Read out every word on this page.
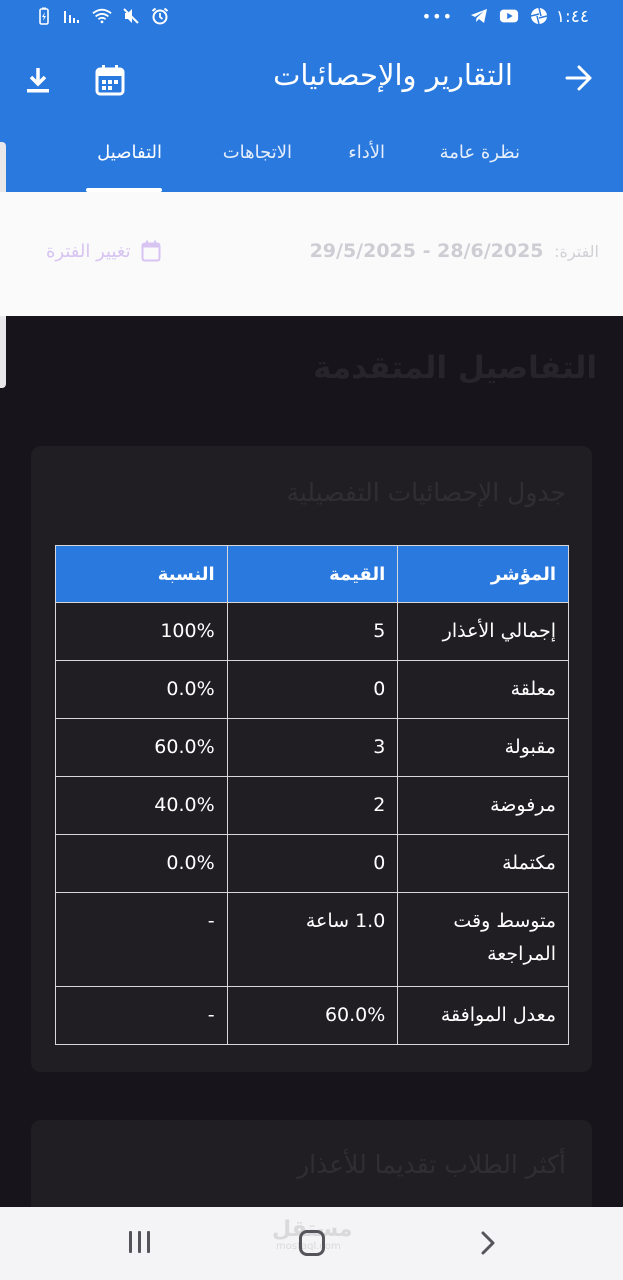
•••	١:٤٤
التقارير والإحصائيات
نظرة عامة
الأداء
الاتجاهات
التفاصيل
الفترة: 29/5/2025 - 28/6/2025
تغيير الفترة
التفاصيل المتقدمة
جدول الإحصائيات التفصيلية
المؤشر	القيمة	النسبة
إجمالي الأعذار	5	100%
معلقة	0	0.0%
مقبولة	3	60.0%
مرفوضة	2	40.0%
مكتملة	0	0.0%
متوسط وقت المراجعة	1.0 ساعة	-
معدل الموافقة	60.0%	-
أكثر الطلاب تقديما للأعذار
مستقل
mostaql.com
